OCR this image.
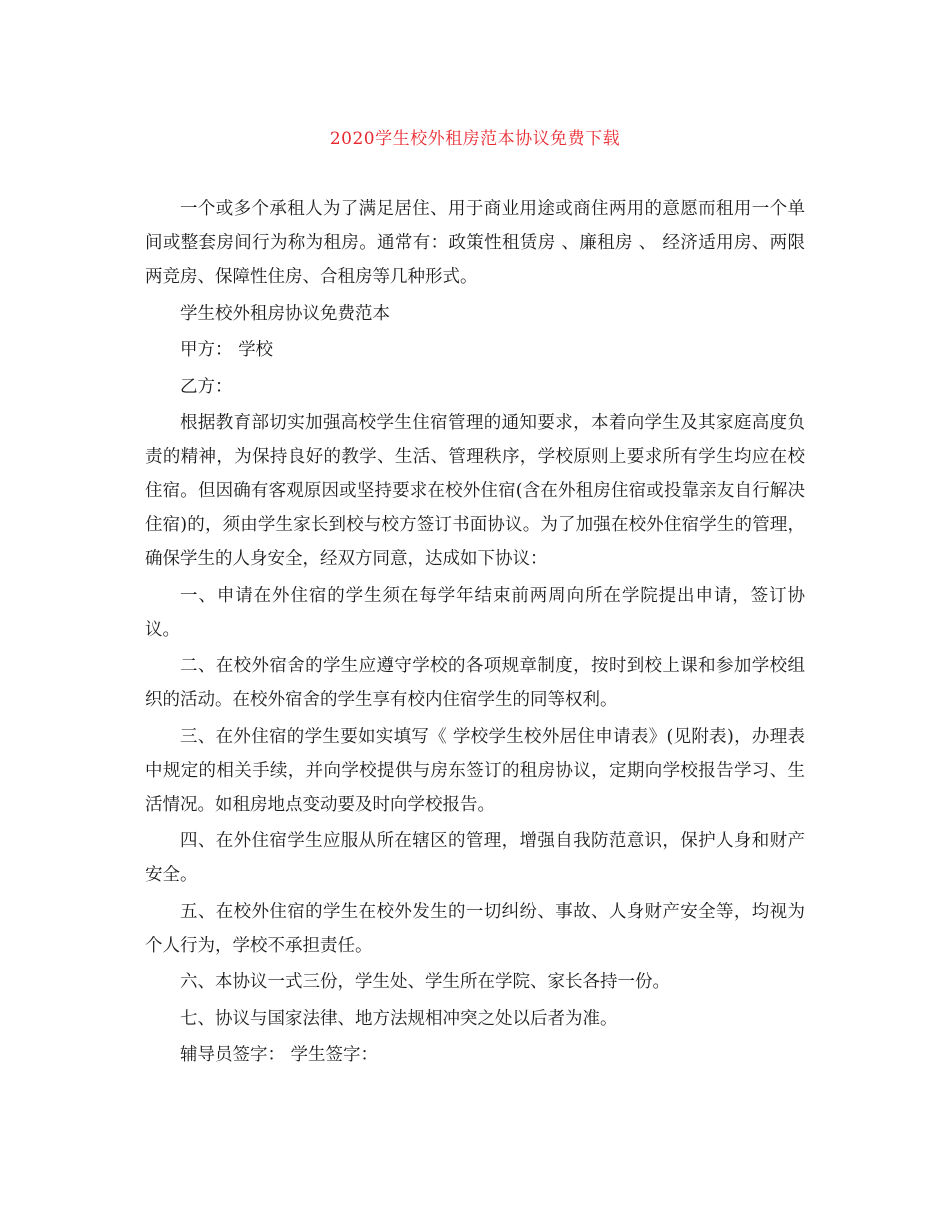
2020学生校外租房范本协议免费下载

一个或多个承租人为了满足居住、用于商业用途或商住两用的意愿而租用一个单间或整套房间行为称为租房。通常有：政策性租赁房 、廉租房 、 经济适用房、两限两竞房、保障性住房、合租房等几种形式。

学生校外租房协议免费范本

甲方： 学校

乙方：

根据教育部切实加强高校学生住宿管理的通知要求，本着向学生及其家庭高度负责的精神，为保持良好的教学、生活、管理秩序，学校原则上要求所有学生均应在校住宿。但因确有客观原因或坚持要求在校外住宿(含在外租房住宿或投靠亲友自行解决住宿)的，须由学生家长到校与校方签订书面协议。为了加强在校外住宿学生的管理，确保学生的人身安全，经双方同意，达成如下协议：

一、申请在外住宿的学生须在每学年结束前两周向所在学院提出申请，签订协议。

二、在校外宿舍的学生应遵守学校的各项规章制度，按时到校上课和参加学校组织的活动。在校外宿舍的学生享有校内住宿学生的同等权利。

三、在外住宿的学生要如实填写《 学校学生校外居住申请表》(见附表)，办理表中规定的相关手续，并向学校提供与房东签订的租房协议，定期向学校报告学习、生活情况。如租房地点变动要及时向学校报告。

四、在外住宿学生应服从所在辖区的管理，增强自我防范意识，保护人身和财产安全。

五、在校外住宿的学生在校外发生的一切纠纷、事故、人身财产安全等，均视为个人行为，学校不承担责任。

六、本协议一式三份，学生处、学生所在学院、家长各持一份。

七、协议与国家法律、地方法规相冲突之处以后者为准。

辅导员签字： 学生签字：
